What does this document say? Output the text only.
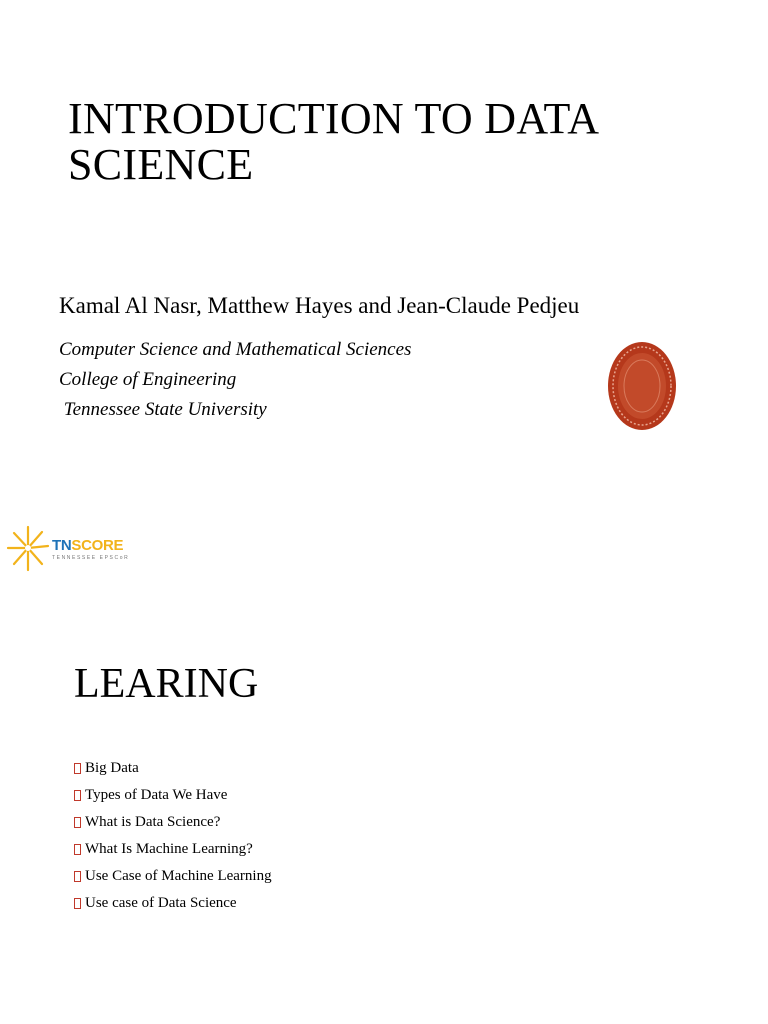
INTRODUCTION TO DATA SCIENCE

Kamal Al Nasr, Matthew Hayes and Jean-Claude Pedjeu

Computer Science and Mathematical Sciences

College of Engineering

Tennessee State University

TNSCORE
TENNESSEE EPSCoR
LEARING
Big Data
Types of Data We Have
What is Data Science?
What Is Machine Learning?
Use Case of Machine Learning
Use case of Data Science
